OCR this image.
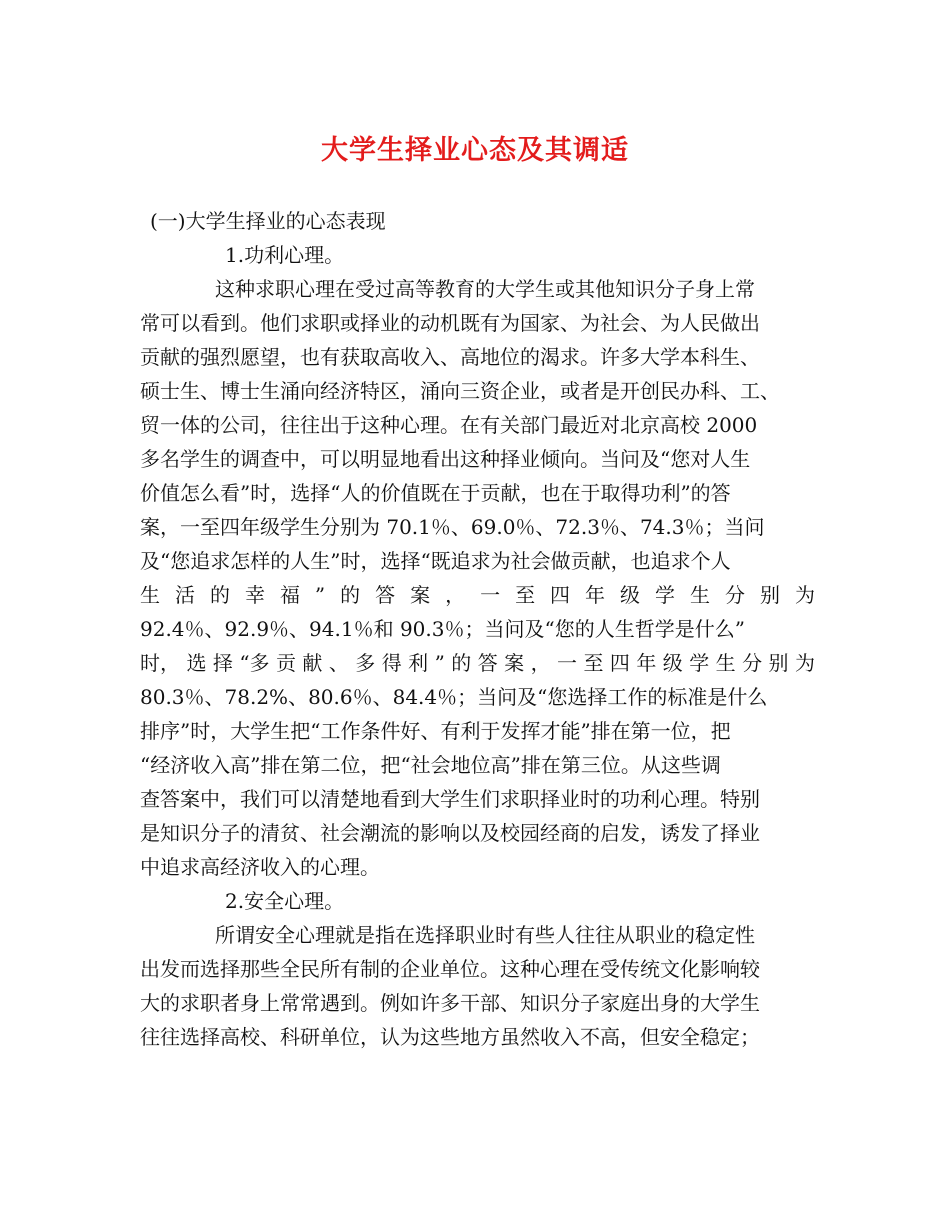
大学生择业心态及其调适
(一)大学生择业的心态表现
1.功利心理。
这种求职心理在受过高等教育的大学生或其他知识分子身上常
常可以看到。他们求职或择业的动机既有为国家、为社会、为人民做出
贡献的强烈愿望，也有获取高收入、高地位的渴求。许多大学本科生、
硕士生、博士生涌向经济特区，涌向三资企业，或者是开创民办科、工、
贸一体的公司，往往出于这种心理。在有关部门最近对北京高校 2000
多名学生的调查中，可以明显地看出这种择业倾向。当问及“您对人生
价值怎么看”时，选择“人的价值既在于贡献，也在于取得功利”的答
案，一至四年级学生分别为 70.1％、69.0％、72.3％、74.3％；当问
及“您追求怎样的人生”时，选择“既追求为社会做贡献，也追求个人
生 活 的 幸 福 ” 的 答 案 ， 一 至 四 年 级 学 生 分 别 为
92.4％、92.9％、94.1％和 90.3％；当问及“您的人生哲学是什么”
时， 选 择 “多 贡 献 、 多 得 利 ” 的 答 案 ， 一 至 四 年 级 学 生 分 别 为
80.3％、78.2%、80.6％、84.4％；当问及“您选择工作的标准是什么
排序”时，大学生把“工作条件好、有利于发挥才能”排在第一位，把
“经济收入高”排在第二位，把“社会地位高”排在第三位。从这些调
查答案中，我们可以清楚地看到大学生们求职择业时的功利心理。特别
是知识分子的清贫、社会潮流的影响以及校园经商的启发，诱发了择业
中追求高经济收入的心理。
2.安全心理。
所谓安全心理就是指在选择职业时有些人往往从职业的稳定性
出发而选择那些全民所有制的企业单位。这种心理在受传统文化影响较
大的求职者身上常常遇到。例如许多干部、知识分子家庭出身的大学生
往往选择高校、科研单位，认为这些地方虽然收入不高，但安全稳定；
